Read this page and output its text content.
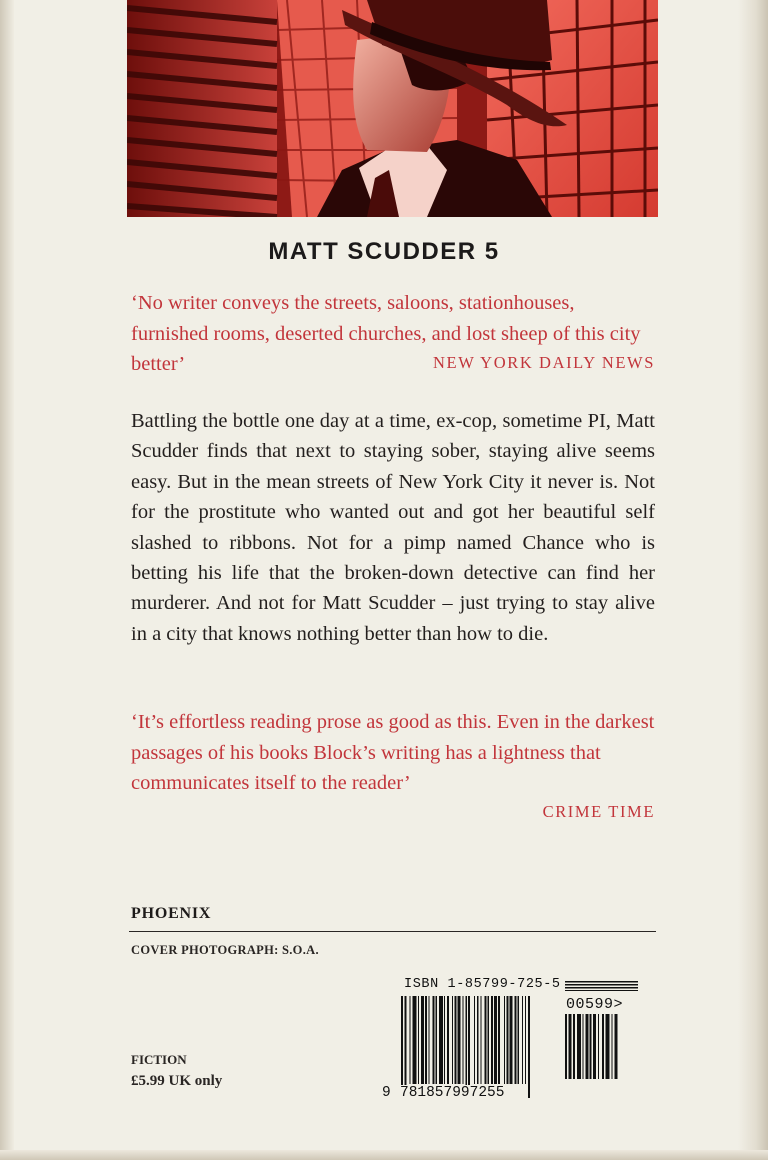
MATT SCUDDER 5
‘No writer conveys the streets, saloons, stationhouses, furnished rooms, deserted churches, and lost sheep of this city better’	NEW YORK DAILY NEWS

Battling the bottle one day at a time, ex-cop, sometime PI, Matt Scudder finds that next to staying sober, staying alive seems easy. But in the mean streets of New York City it never is. Not for the prostitute who wanted out and got her beautiful self slashed to ribbons. Not for a pimp named Chance who is betting his life that the broken-down detective can find her murderer. And not for Matt Scudder – just trying to stay alive in a city that knows nothing better than how to die.

‘It’s effortless reading prose as good as this. Even in the darkest passages of his books Block’s writing has a lightness that communicates itself to the reader’
CRIME TIME
PHOENIX
COVER PHOTOGRAPH: S.O.A.
FICTION
£5.99 UK only
ISBN 1-85799-725-5
00599>
9 781857997255
